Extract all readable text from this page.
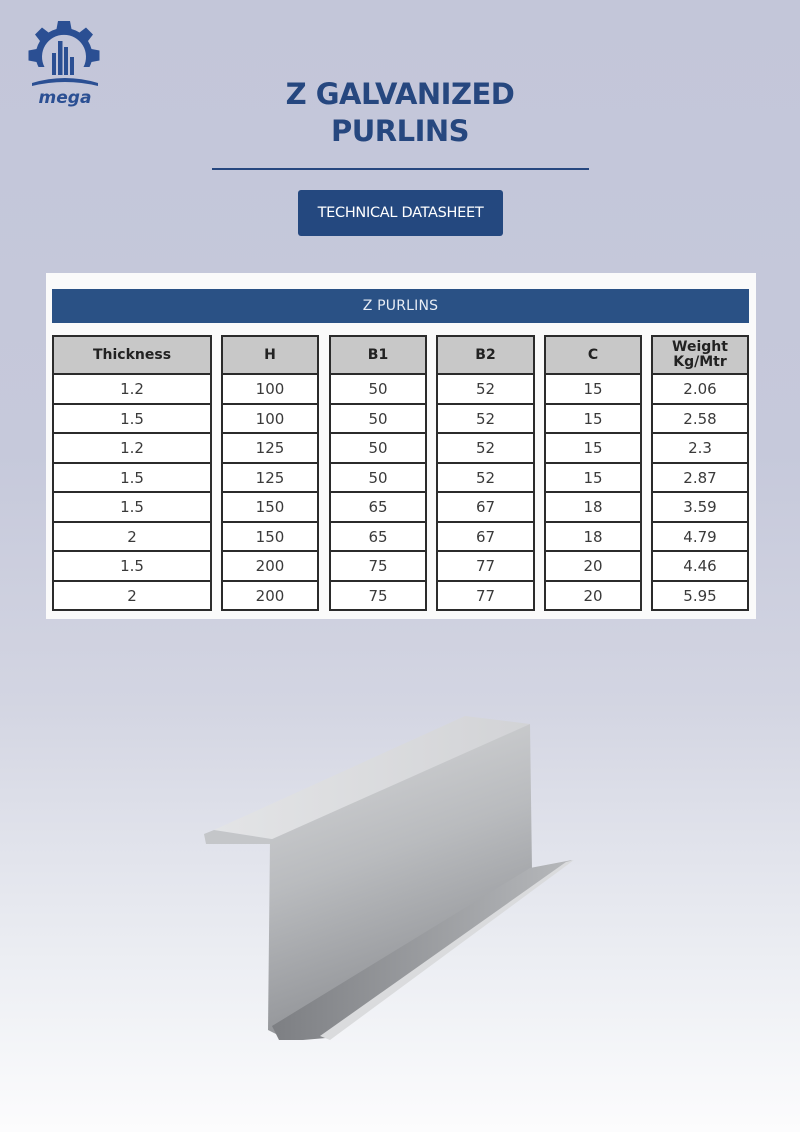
mega	Z GALVANIZED
PURLINS
TECHNICAL DATASHEET
Z PURLINS
Thickness
1.2
1.5
1.2
1.5
1.5
2
1.5
2
H
100
100
125
125
150
150
200
200
B1
50
50
50
50
65
65
75
75
B2
52
52
52
52
67
67
77
77
C
15
15
15
15
18
18
20
20
Weight
Kg/Mtr
2.06
2.58
2.3
2.87
3.59
4.79
4.46
5.95
